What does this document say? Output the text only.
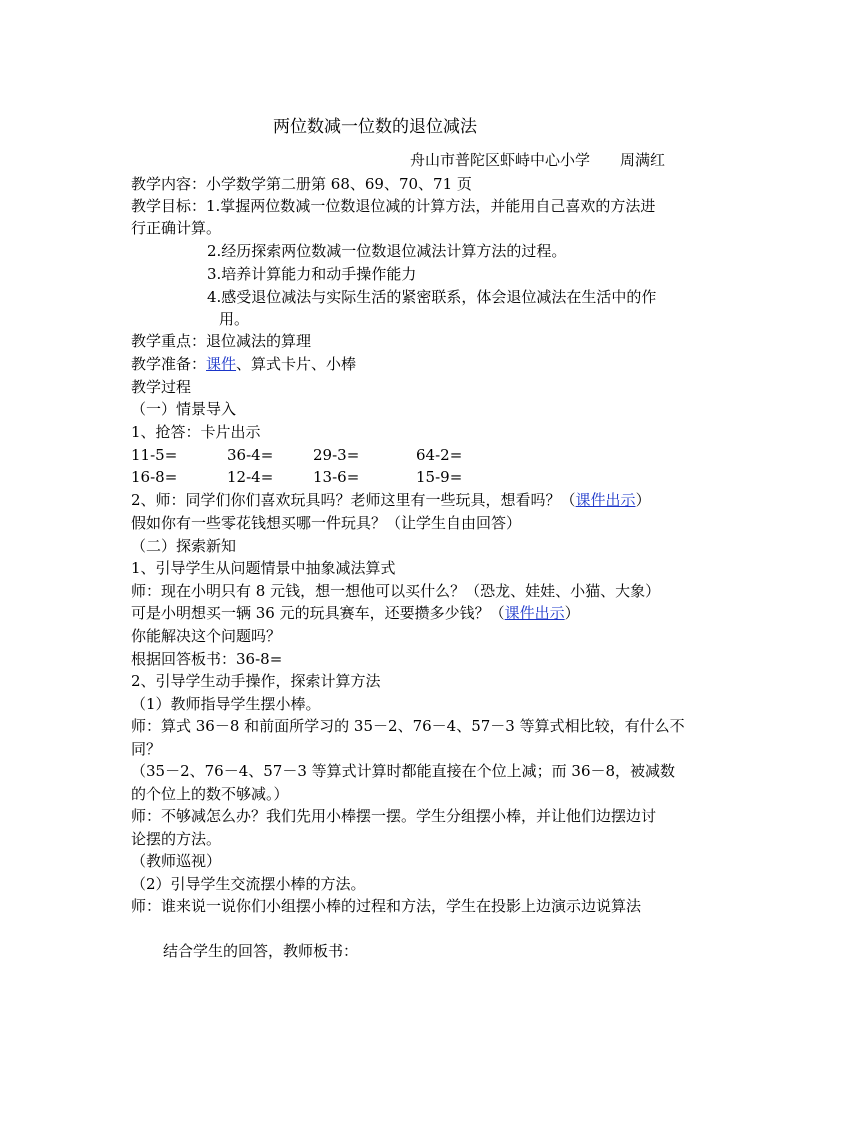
两位数减一位数的退位减法
舟山市普陀区虾峙中心小学　　周满红
教学内容：小学数学第二册第 68、69、70、71 页
教学目标：1.掌握两位数减一位数退位减的计算方法，并能用自己喜欢的方法进
行正确计算。
2.经历探索两位数减一位数退位减法计算方法的过程。
3.培养计算能力和动手操作能力
4.感受退位减法与实际生活的紧密联系，体会退位减法在生活中的作
用。
教学重点：退位减法的算理
教学准备：课件、算式卡片、小棒
教学过程
（一）情景导入
1、抢答：卡片出示
11-5=	36-4=	29-3=	64-2=
16-8=	12-4=	13-6=	15-9=
2、师：同学们你们喜欢玩具吗？老师这里有一些玩具，想看吗？（课件出示）
假如你有一些零花钱想买哪一件玩具？（让学生自由回答）
（二）探索新知
1、引导学生从问题情景中抽象减法算式
师：现在小明只有 8 元钱，想一想他可以买什么？（恐龙、娃娃、小猫、大象）
可是小明想买一辆 36 元的玩具赛车，还要攒多少钱？（课件出示）
你能解决这个问题吗？
根据回答板书：36-8=
2、引导学生动手操作，探索计算方法
（1）教师指导学生摆小棒。
师：算式 36－8 和前面所学习的 35－2、76－4、57－3 等算式相比较，有什么不
同？
（35－2、76－4、57－3 等算式计算时都能直接在个位上减；而 36－8，被减数
的个位上的数不够减。）
师：不够减怎么办？我们先用小棒摆一摆。学生分组摆小棒，并让他们边摆边讨
论摆的方法。
（教师巡视）
（2）引导学生交流摆小棒的方法。
师：谁来说一说你们小组摆小棒的过程和方法，学生在投影上边演示边说算法
结合学生的回答，教师板书：
